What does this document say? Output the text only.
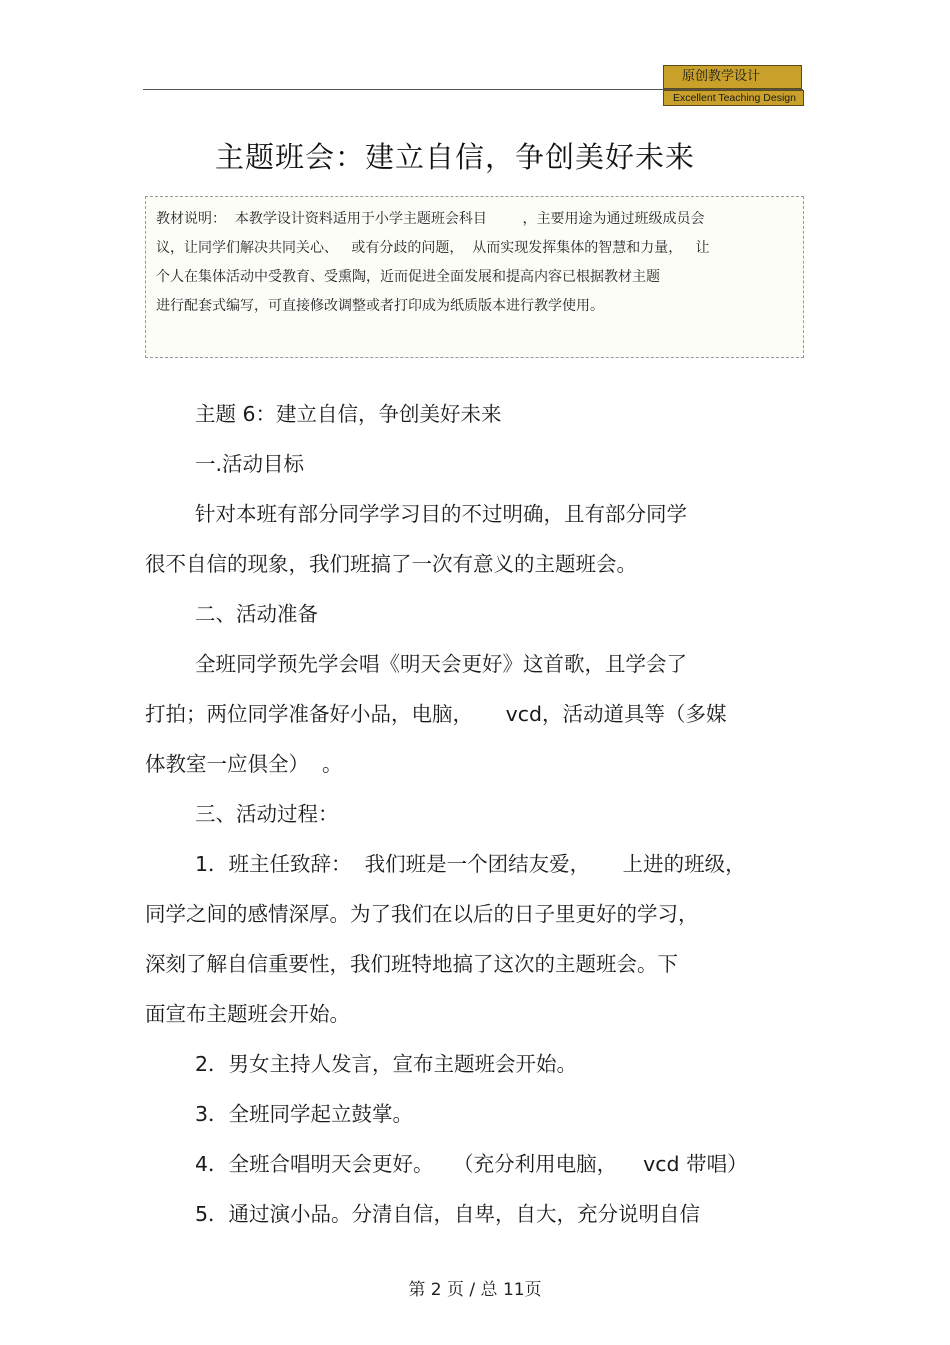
原创教学设计
Excellent Teaching Design
主题班会：建立自信，争创美好未来
教材说明：  本教学设计资料适用于小学主题班会科目        ，主要用途为通过班级成员会
议，让同学们解决共同关心、   或有分歧的问题，  从而实现发挥集体的智慧和力量，   让
个人在集体活动中受教育、受熏陶，近而促进全面发展和提高内容已根据教材主题
进行配套式编写，可直接修改调整或者打印成为纸质版本进行教学使用。
主题 6：建立自信，争创美好未来
一.活动目标
针对本班有部分同学学习目的不过明确，且有部分同学
很不自信的现象，我们班搞了一次有意义的主题班会。
二、活动准备
全班同学预先学会唱《明天会更好》这首歌，且学会了
打拍；两位同学准备好小品，电脑，     vcd，活动道具等（多媒
体教室一应俱全）  。
三、活动过程：
1．班主任致辞：  我们班是一个团结友爱，     上进的班级，
同学之间的感情深厚。为了我们在以后的日子里更好的学习，
深刻了解自信重要性，我们班特地搞了这次的主题班会。下
面宣布主题班会开始。
2．男女主持人发言，宣布主题班会开始。
3．全班同学起立鼓掌。
4．全班合唱明天会更好。   （充分利用电脑，    vcd 带唱）
5．通过演小品。分清自信，自卑，自大，充分说明自信
第 2 页 / 总 11页
